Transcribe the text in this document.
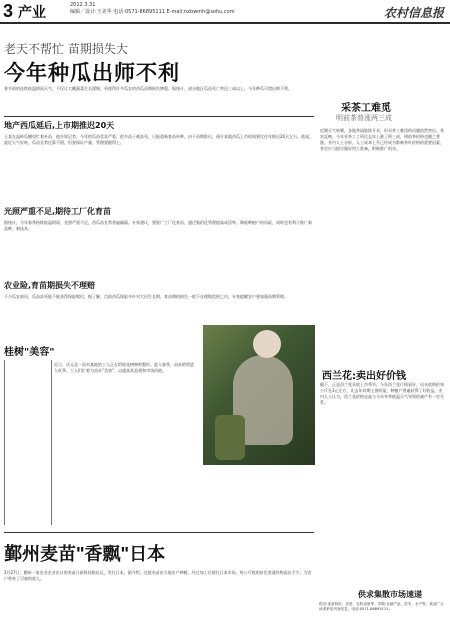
3 产业	2012.3.31
编辑／设计:王美华 电话:0571-86895111 E-mail:nxbwmh@sohu.com	农村信息报
老天不帮忙 苗期损失大
今年种瓜出师不利
春节前的连续低温阴雨天气，不仅让大棚蔬菜生长缓慢，更使得许多瓜农的西瓜苗期损失惨重。据统计，部分地区瓜苗死亡率达三成以上，今年种瓜可谓出师不利。
地产西瓜延后,上市期推迟20天
王某在温岭瓜棚里忙着补苗，他告诉记者，今年的瓜苗受冻严重，很多苗子被冻死，只能重新育苗补种。由于苗期推迟，预计本地西瓜上市时间要比往年推迟20天左右。他说，最近天气好转，瓜苗长势还算不错，但要保证产量，管理要跟得上。
光照严重不足,期待工厂化育苗
据统计，今年春季持续低温阴雨，光照严重不足，西瓜苗长势普遍偏弱。专家建议，要推广工厂化育苗，通过集约化管理提高成活率，降低种植户的风险，同时也有利于推广新品种、新技术。
农业险,育苗期损失不理赔
不少瓜农询问，瓜苗冻死能不能获得保险赔付。据了解，目前西瓜保险多针对大田生长期，育苗期的损失一般不在理赔范围之内。专家提醒农户要加强苗期管理。
采茶工难觅
明前茶普涨两三成
近期天气转暖，各地茶园陆续开采，但采茶工难找的问题依然突出。茶农反映，今年采茶工工资比去年上涨了两三成，明前茶价格也随之普涨。业内人士分析，人工成本上升已经成为影响茶叶价格的重要因素，茶农应当提早做好用工准备，积极推广机采。
桂树"美容"
近日，庆元县一苗木基地的工人正在给桂花树修剪整形。进入春季，苗木销售进入旺季，工人们忙着为苗木“美容”，以提高其品相和市场价值。
西兰花:卖出好价钱
眼下，正是西兰花采收上市季节。今年西兰花行情看好，田头收购价每公斤在3元左右，比去年同期上涨明显，种植户普遍获得了好收益。业内人士认为，西兰花价格走高与今年冬季低温天气导致的减产有一定关系。
鄞州麦苗"香飘"日本
3月27日，鄞州一家农业企业出口的麦苗汁原料装箱启运，发往日本。据介绍，这批麦苗由当地农户种植，经过加工后销往日本市场，每公斤收购价比普通作物高出不少，为农户带来了可观的收入。
供求集散市场速递
供应:优质种苗、农资、农机设备等；求购:农副产品、苗木、水产等。欢迎广大读者来电刊登信息，电话:0571-86895111。
